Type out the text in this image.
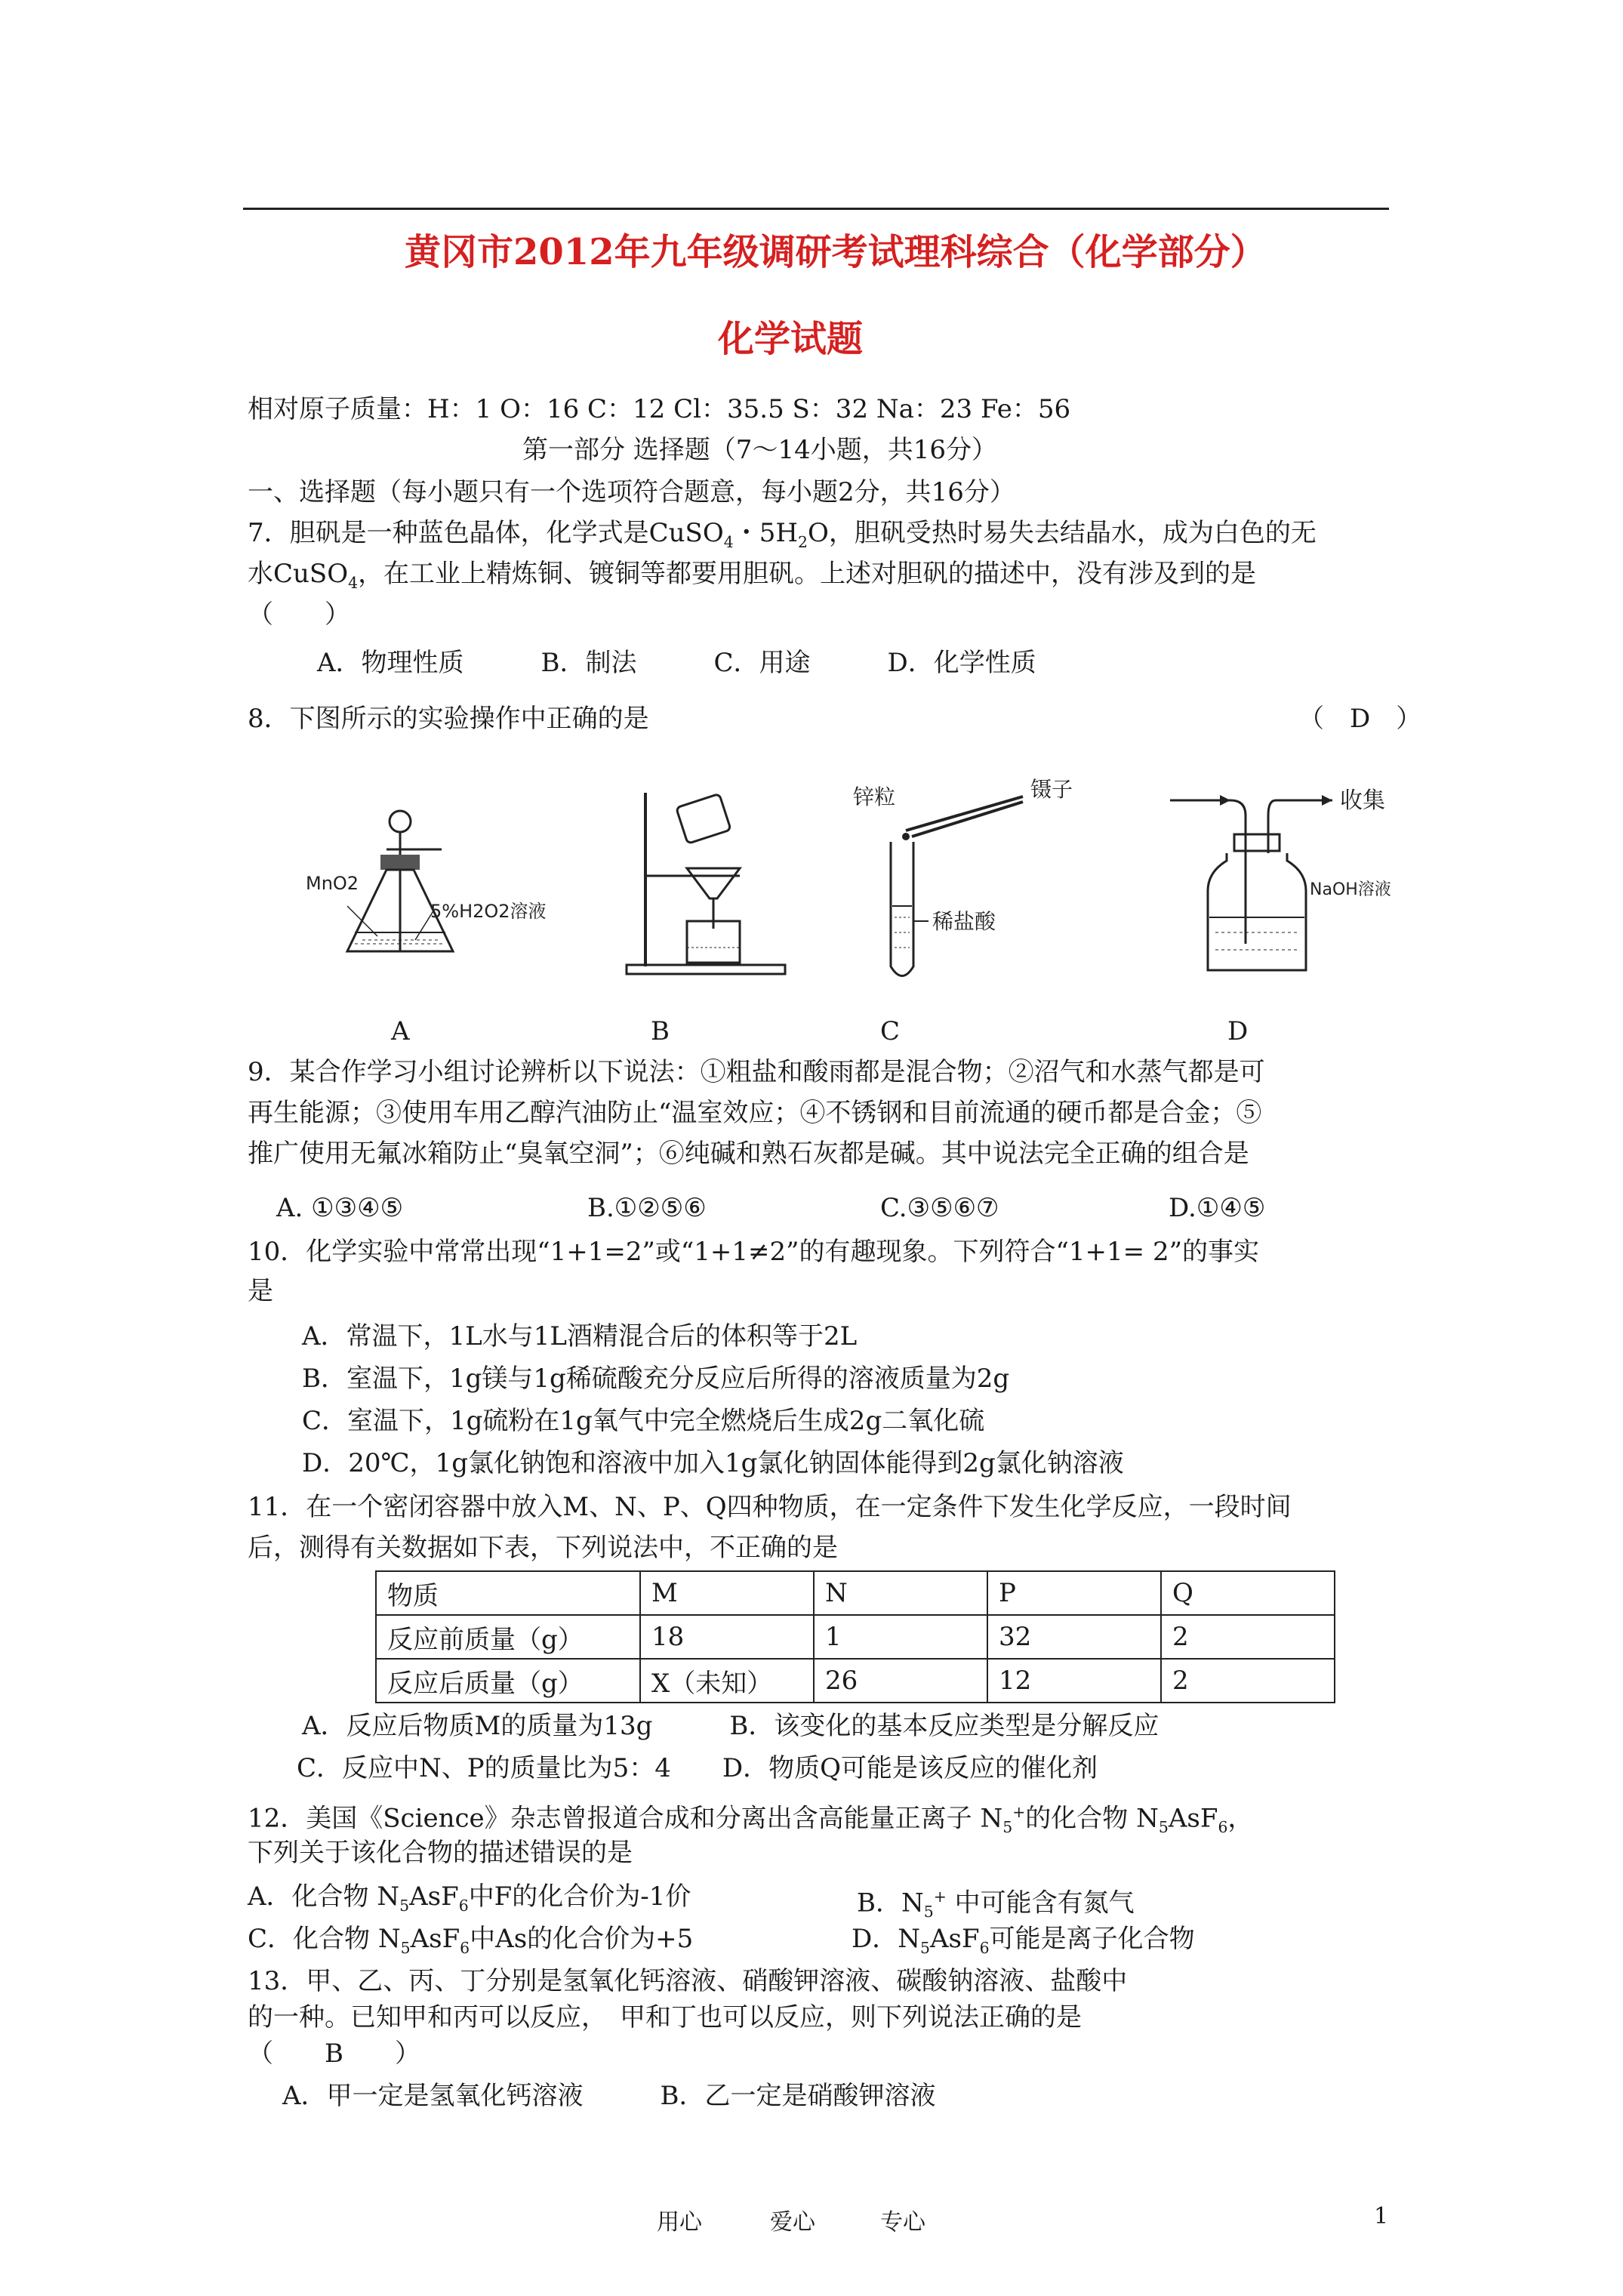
黄冈市2012年九年级调研考试理科综合（化学部分）
化学试题
相对原子质量：H：1 O：16 C：12 Cl：35.5 S：32 Na：23 Fe：56
第一部分 选择题（7～14小题，共16分）
一、选择题（每小题只有一个选项符合题意，每小题2分，共16分）
7．胆矾是一种蓝色晶体，化学式是CuSO$_4$・$5H_2O$，胆矾受热时易失去结晶水，成为白色的无
水CuSO$_4$，在工业上精炼铜、镀铜等都要用胆矾。上述对胆矾的描述中，没有涉及到的是
（　　）
A．物理性质　　　B．制法　　　C．用途　　　D．化学性质
8．下图所示的实验操作中正确的是	（　D　）
MnO2
5%H2O2溶液
锌粒	镊子
稀盐酸
收集
NaOH溶液
A	B	C	D
9．某合作学习小组讨论辨析以下说法：①粗盐和酸雨都是混合物；②沼气和水蒸气都是可
再生能源；③使用车用乙醇汽油防止“温室效应；④不锈钢和目前流通的硬币都是合金；⑤
推广使用无氟冰箱防止“臭氧空洞”；⑥纯碱和熟石灰都是碱。其中说法完全正确的组合是
A. ①③④⑤	B.①②⑤⑥	C.③⑤⑥⑦	D.①④⑤
10．化学实验中常常出现“1+1=2”或“1+1≠2”的有趣现象。下列符合“1+1= 2”的事实
是
A．常温下，1L水与1L酒精混合后的体积等于2L
B．室温下，1g镁与1g稀硫酸充分反应后所得的溶液质量为2g
C．室温下，1g硫粉在1g氧气中完全燃烧后生成2g二氧化硫
D．20℃，1g氯化钠饱和溶液中加入1g氯化钠固体能得到2g氯化钠溶液
11．在一个密闭容器中放入M、N、P、Q四种物质，在一定条件下发生化学反应，一段时间
后，测得有关数据如下表，下列说法中，不正确的是
物质	M	N	P	Q
反应前质量（g）	18	1	32	2
反应后质量（g）	X（未知）	26	12	2
A．反应后物质M的质量为13g　　　B．该变化的基本反应类型是分解反应
C．反应中N、P的质量比为5：4　　D．物质Q可能是该反应的催化剂
12．美国《Science》杂志曾报道合成和分离出含高能量正离子 $N_5^+$的化合物 $N_5AsF_6$，
下列关于该化合物的描述错误的是
A．化合物 $N_5AsF_6$中F的化合价为-1价	B．$N_5^+$ 中可能含有氮气
C．化合物 $N_5AsF_6$中As的化合价为+5	D．$N_5AsF_6$可能是离子化合物
13．甲、乙、丙、丁分别是氢氧化钙溶液、硝酸钾溶液、碳酸钠溶液、盐酸中
的一种。已知甲和丙可以反应，　甲和丁也可以反应，则下列说法正确的是
（　　B　　）
A．甲一定是氢氧化钙溶液　　　B．乙一定是硝酸钾溶液
用心	爱心	专心	1
